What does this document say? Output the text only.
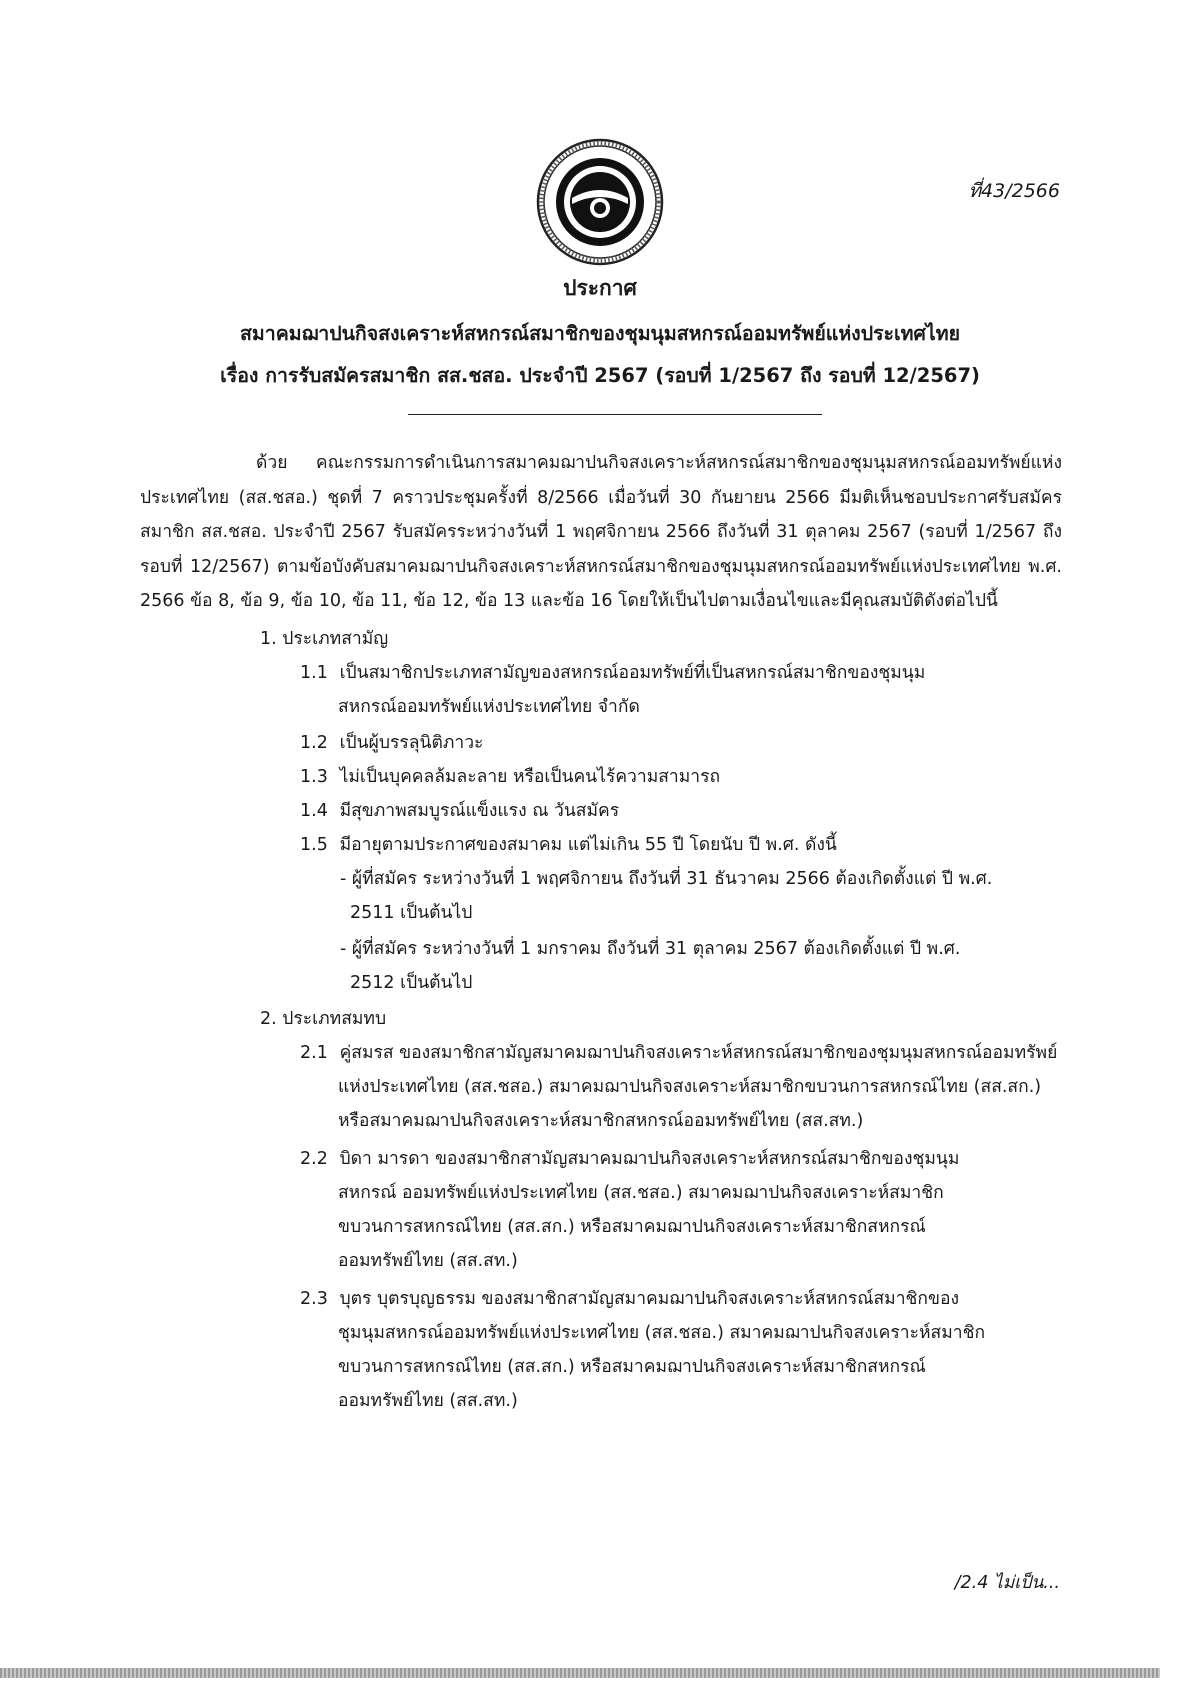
ที่43/2566
ประกาศ
สมาคมฌาปนกิจสงเคราะห์สหกรณ์สมาชิกของชุมนุมสหกรณ์ออมทรัพย์แห่งประเทศไทย
เรื่อง การรับสมัครสมาชิก สส.ชสอ. ประจำปี 2567 (รอบที่ 1/2567 ถึง รอบที่ 12/2567)
ด้วย คณะกรรมการดำเนินการสมาคมฌาปนกิจสงเคราะห์สหกรณ์สมาชิกของชุมนุมสหกรณ์ออมทรัพย์แห่งประเทศไทย (สส.ชสอ.) ชุดที่ 7 คราวประชุมครั้งที่ 8/2566 เมื่อวันที่ 30 กันยายน 2566 มีมติเห็นชอบประกาศรับสมัครสมาชิก สส.ชสอ. ประจำปี 2567 รับสมัครระหว่างวันที่ 1 พฤศจิกายน 2566 ถึงวันที่ 31 ตุลาคม 2567 (รอบที่ 1/2567 ถึงรอบที่ 12/2567) ตามข้อบังคับสมาคมฌาปนกิจสงเคราะห์สหกรณ์สมาชิกของชุมนุมสหกรณ์ออมทรัพย์แห่งประเทศไทย พ.ศ. 2566 ข้อ 8, ข้อ 9, ข้อ 10, ข้อ 11, ข้อ 12, ข้อ 13 และข้อ 16 โดยให้เป็นไปตามเงื่อนไขและมีคุณสมบัติดังต่อไปนี้
1. ประเภทสามัญ
1.1 เป็นสมาชิกประเภทสามัญของสหกรณ์ออมทรัพย์ที่เป็นสหกรณ์สมาชิกของชุมนุม
สหกรณ์ออมทรัพย์แห่งประเทศไทย จำกัด
1.2 เป็นผู้บรรลุนิติภาวะ
1.3 ไม่เป็นบุคคลล้มละลาย หรือเป็นคนไร้ความสามารถ
1.4 มีสุขภาพสมบูรณ์แข็งแรง ณ วันสมัคร
1.5 มีอายุตามประกาศของสมาคม แต่ไม่เกิน 55 ปี โดยนับ ปี พ.ศ. ดังนี้
- ผู้ที่สมัคร ระหว่างวันที่ 1 พฤศจิกายน ถึงวันที่ 31 ธันวาคม 2566 ต้องเกิดตั้งแต่ ปี พ.ศ.
2511 เป็นต้นไป
- ผู้ที่สมัคร ระหว่างวันที่ 1 มกราคม ถึงวันที่ 31 ตุลาคม 2567 ต้องเกิดตั้งแต่ ปี พ.ศ.
2512 เป็นต้นไป
2. ประเภทสมทบ
2.1 คู่สมรส ของสมาชิกสามัญสมาคมฌาปนกิจสงเคราะห์สหกรณ์สมาชิกของชุมนุมสหกรณ์ออมทรัพย์
แห่งประเทศไทย (สส.ชสอ.) สมาคมฌาปนกิจสงเคราะห์สมาชิกขบวนการสหกรณ์ไทย (สส.สก.)
หรือสมาคมฌาปนกิจสงเคราะห์สมาชิกสหกรณ์ออมทรัพย์ไทย (สส.สท.)
2.2 บิดา มารดา ของสมาชิกสามัญสมาคมฌาปนกิจสงเคราะห์สหกรณ์สมาชิกของชุมนุม
สหกรณ์ ออมทรัพย์แห่งประเทศไทย (สส.ชสอ.) สมาคมฌาปนกิจสงเคราะห์สมาชิก
ขบวนการสหกรณ์ไทย (สส.สก.) หรือสมาคมฌาปนกิจสงเคราะห์สมาชิกสหกรณ์
ออมทรัพย์ไทย (สส.สท.)
2.3 บุตร บุตรบุญธรรม ของสมาชิกสามัญสมาคมฌาปนกิจสงเคราะห์สหกรณ์สมาชิกของ
ชุมนุมสหกรณ์ออมทรัพย์แห่งประเทศไทย (สส.ชสอ.) สมาคมฌาปนกิจสงเคราะห์สมาชิก
ขบวนการสหกรณ์ไทย (สส.สก.) หรือสมาคมฌาปนกิจสงเคราะห์สมาชิกสหกรณ์
ออมทรัพย์ไทย (สส.สท.)
/2.4 ไม่เป็น...
